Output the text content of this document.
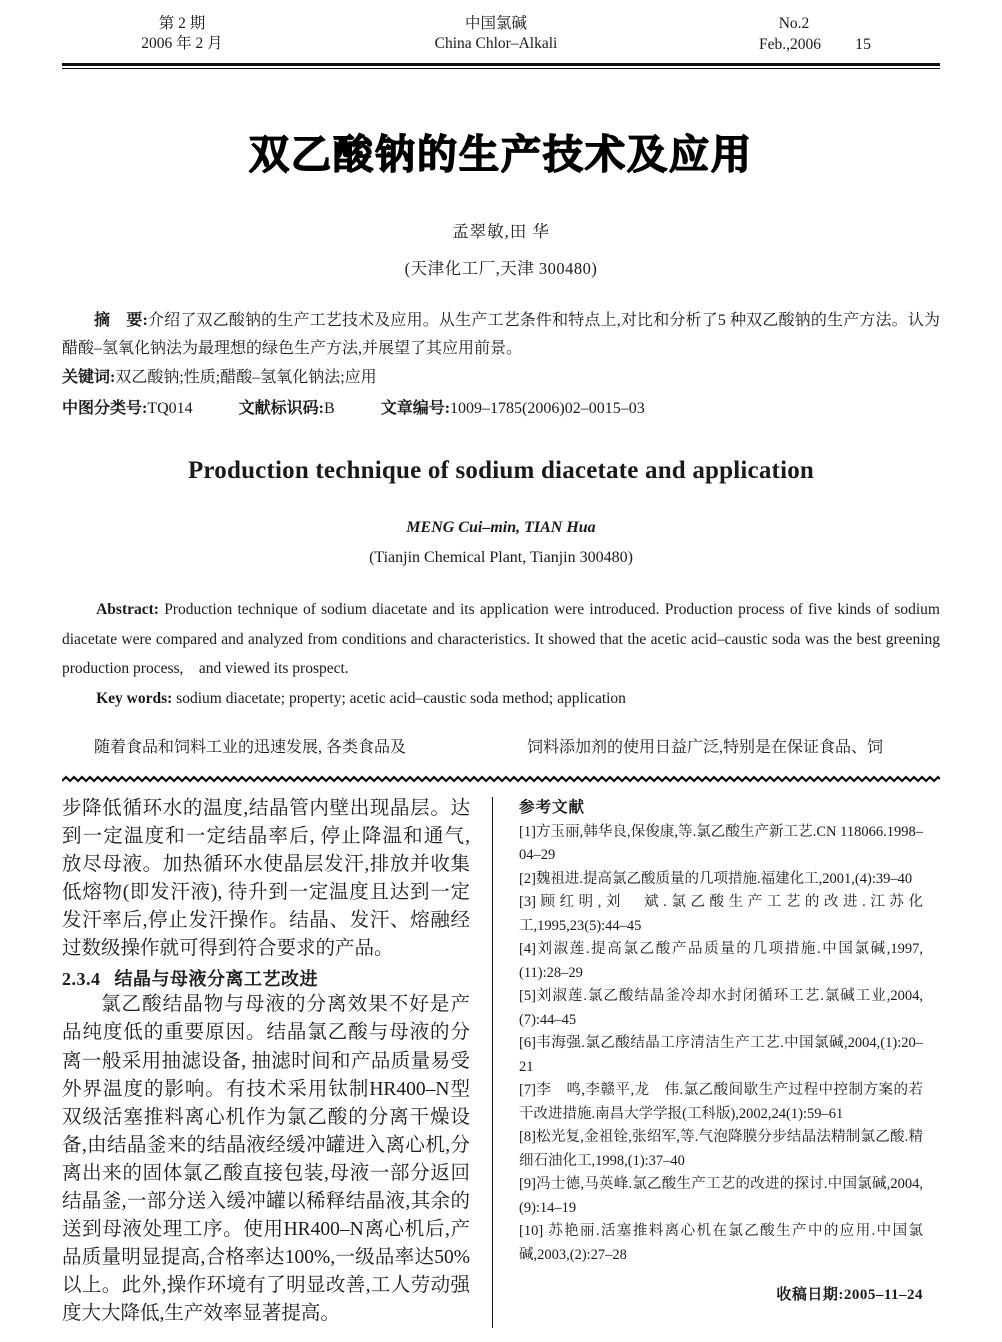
第 2 期
2006 年 2 月
中国氯碱
China Chlor–Alkali
No.2
Feb.,2006 15
双乙酸钠的生产技术及应用
孟翠敏,田 华
(天津化工厂,天津 300480)

摘　要:介绍了双乙酸钠的生产工艺技术及应用。从生产工艺条件和特点上,对比和分析了5 种双乙酸钠的生产方法。认为醋酸–氢氧化钠法为最理想的绿色生产方法,并展望了其应用前景。

关键词:双乙酸钠;性质;醋酸–氢氧化钠法;应用

中图分类号:TQ014	文献标识码:B	文章编号:1009–1785(2006)02–0015–03
Production technique of sodium diacetate and application
MENG Cui–min, TIAN Hua
(Tianjin Chemical Plant, Tianjin 300480)

Abstract: Production technique of sodium diacetate and its application were introduced. Production process of five kinds of sodium diacetate were compared and analyzed from conditions and characteristics. It showed that the acetic acid–caustic soda was the best greening production process,　and viewed its prospect.

Key words: sodium diacetate; property; acetic acid–caustic soda method; application

随着食品和饲料工业的迅速发展, 各类食品及	饲料添加剂的使用日益广泛,特别是在保证食品、饲

步降低循环水的温度,结晶管内壁出现晶层。达到一定温度和一定结晶率后, 停止降温和通气, 放尽母液。加热循环水使晶层发汗,排放并收集低熔物(即发汗液), 待升到一定温度且达到一定发汗率后,停止发汗操作。结晶、发汗、熔融经过数级操作就可得到符合要求的产品。

2.3.4 结晶与母液分离工艺改进

氯乙酸结晶物与母液的分离效果不好是产品纯度低的重要原因。结晶氯乙酸与母液的分离一般采用抽滤设备, 抽滤时间和产品质量易受外界温度的影响。有技术采用钛制HR400–N型双级活塞推料离心机作为氯乙酸的分离干燥设备,由结晶釜来的结晶液经缓冲罐进入离心机,分离出来的固体氯乙酸直接包装,母液一部分返回结晶釜,一部分送入缓冲罐以稀释结晶液,其余的送到母液处理工序。使用HR400–N离心机后,产品质量明显提高,合格率达100%,一级品率达50%以上。此外,操作环境有了明显改善,工人劳动强度大大降低,生产效率显著提高。

参考文献

[1]方玉丽,韩华良,保俊康,等.氯乙酸生产新工艺.CN 118066.1998–04–29

[2]魏祖进.提高氯乙酸质量的几项措施.福建化工,2001,(4):39–40

[3]顾红明,刘　斌.氯乙酸生产工艺的改进.江苏化工,1995,23(5):44–45

[4]刘淑莲.提高氯乙酸产品质量的几项措施.中国氯碱,1997,(11):28–29

[5]刘淑莲.氯乙酸结晶釜冷却水封闭循环工艺.氯碱工业,2004,(7):44–45

[6]韦海强.氯乙酸结晶工序清洁生产工艺.中国氯碱,2004,(1):20–21

[7]李　鸣,李赣平,龙　伟.氯乙酸间歇生产过程中控制方案的若干改进措施.南昌大学学报(工科版),2002,24(1):59–61

[8]松光复,金祖铨,张绍军,等.气泡降膜分步结晶法精制氯乙酸.精细石油化工,1998,(1):37–40

[9]冯士德,马英峰.氯乙酸生产工艺的改进的探讨.中国氯碱,2004,(9):14–19

[10] 苏艳丽.活塞推料离心机在氯乙酸生产中的应用.中国氯碱,2003,(2):27–28

收稿日期:2005–11–24
